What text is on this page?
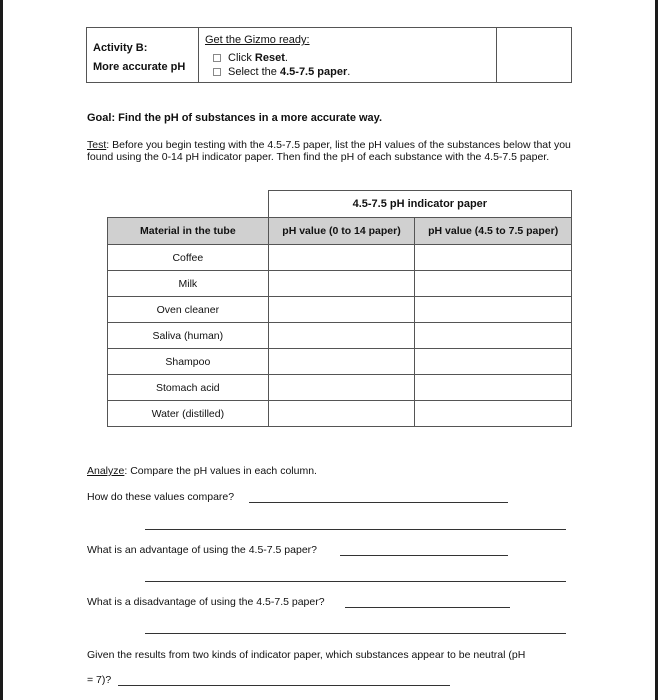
Activity B:
More accurate pH
Get the Gizmo ready:
Click Reset.
Select the 4.5-7.5 paper.
Goal: Find the pH of substances in a more accurate way.
Test: Before you begin testing with the 4.5-7.5 paper, list the pH values of the substances below that you found using the 0-14 pH indicator paper. Then find the pH of each substance with the 4.5-7.5 paper.
	4.5-7.5 pH indicator paper	
Material in the tube	pH value (0 to 14 paper)	pH value (4.5 to 7.5 paper)
Coffee		
Milk		
Oven cleaner		
Saliva (human)		
Shampoo		
Stomach acid		
Water (distilled)		
Analyze: Compare the pH values in each column.
How do these values compare?
What is an advantage of using the 4.5-7.5 paper?
What is a disadvantage of using the 4.5-7.5 paper?
Given the results from two kinds of indicator paper, which substances appear to be neutral (pH
= 7)?
